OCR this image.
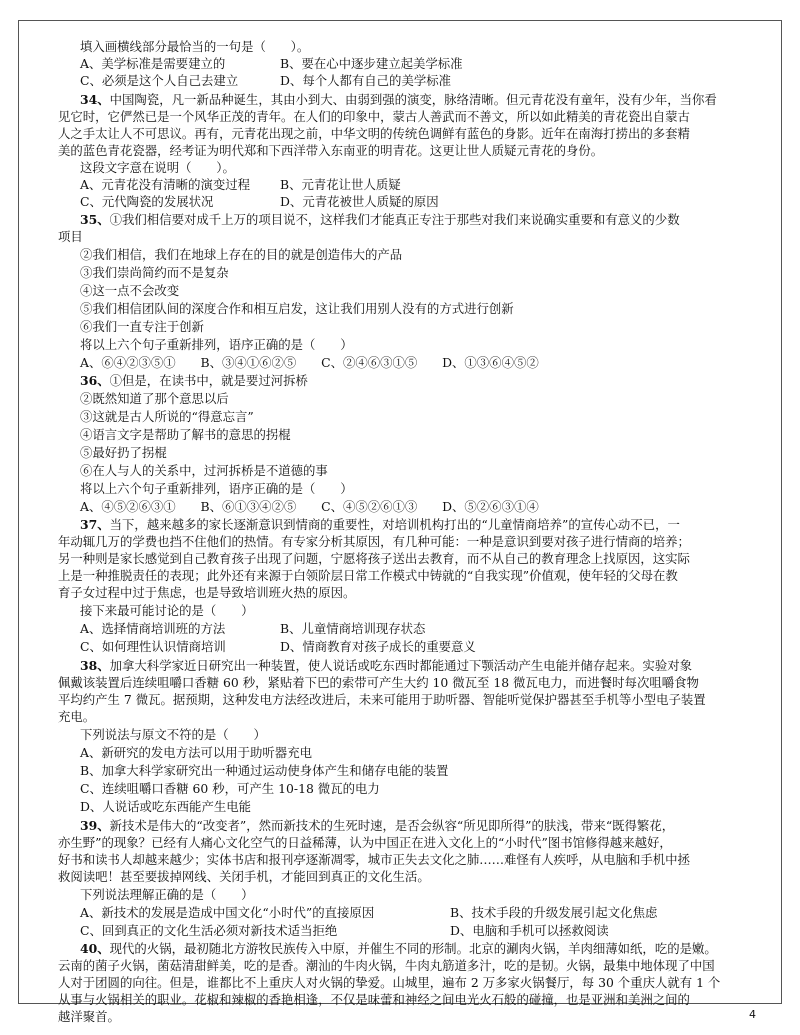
填入画横线部分最恰当的一句是（　　）。
A、美学标准是需要建立的	B、要在心中逐步建立起美学标准
C、必须是这个人自己去建立	D、每个人都有自己的美学标准
34、中国陶瓷，凡一新品种诞生，其由小到大、由弱到强的演变，脉络清晰。但元青花没有童年，没有少年，当你看
见它时，它俨然已是一个风华正茂的青年。在人们的印象中，蒙古人善武而不善文，所以如此精美的青花瓷出自蒙古
人之手太让人不可思议。再有，元青花出现之前，中华文明的传统色调鲜有蓝色的身影。近年在南海打捞出的多套精
美的蓝色青花瓷器，经考证为明代郑和下西洋带入东南亚的明青花。这更让世人质疑元青花的身份。
这段文字意在说明（　　）。
A、元青花没有清晰的演变过程 B、元青花让世人质疑
C、元代陶瓷的发展状况	D、元青花被世人质疑的原因
35、①我们相信要对成千上万的项目说不，这样我们才能真正专注于那些对我们来说确实重要和有意义的少数
项目
②我们相信，我们在地球上存在的目的就是创造伟大的产品
③我们崇尚简约而不是复杂
④这一点不会改变
⑤我们相信团队间的深度合作和相互启发，这让我们用别人没有的方式进行创新
⑥我们一直专注于创新
将以上六个句子重新排列，语序正确的是（　　）
A、⑥④②③⑤①　　B、③④①⑥②⑤　　C、②④⑥③①⑤　　D、①③⑥④⑤②
36、①但是，在读书中，就是要过河拆桥
②既然知道了那个意思以后
③这就是古人所说的“得意忘言”
④语言文字是帮助了解书的意思的拐棍
⑤最好扔了拐棍
⑥在人与人的关系中，过河拆桥是不道德的事
将以上六个句子重新排列，语序正确的是（　　）
A、④⑤②⑥③①　　B、⑥①③④②⑤　　C、④⑤②⑥①③　　D、⑤②⑥③①④
37、当下，越来越多的家长逐渐意识到情商的重要性，对培训机构打出的“儿童情商培养”的宣传心动不已，一
年动辄几万的学费也挡不住他们的热情。有专家分析其原因，有几种可能：一种是意识到要对孩子进行情商的培养；
另一种则是家长感觉到自己教育孩子出现了问题，宁愿将孩子送出去教育，而不从自己的教育理念上找原因，这实际
上是一种推脱责任的表现；此外还有来源于白领阶层日常工作模式中铸就的“自我实现”价值观，使年轻的父母在教
育子女过程中过于焦虑，也是导致培训班火热的原因。
接下来最可能讨论的是（　　）
A、选择情商培训班的方法	B、儿童情商培训现存状态
C、如何理性认识情商培训	D、情商教育对孩子成长的重要意义
38、加拿大科学家近日研究出一种装置，使人说话或吃东西时都能通过下颚活动产生电能并储存起来。实验对象
佩戴该装置后连续咀嚼口香糖 60 秒，紧贴着下巴的索带可产生大约 10 微瓦至 18 微瓦电力，而进餐时每次咀嚼食物
平均约产生 7 微瓦。据预期，这种发电方法经改进后，未来可能用于助听器、智能听觉保护器甚至手机等小型电子装置
充电。
下列说法与原文不符的是（　　）
A、新研究的发电方法可以用于助听器充电
B、加拿大科学家研究出一种通过运动使身体产生和储存电能的装置
C、连续咀嚼口香糖 60 秒，可产生 10-18 微瓦的电力
D、人说话或吃东西能产生电能
39、新技术是伟大的“改变者”，然而新技术的生死时速，是否会纵容“所见即所得”的肤浅，带来“既得繁花，
亦生野”的现象？已经有人痛心文化空气的日益稀薄，认为中国正在进入文化上的“小时代”图书馆修得越来越好，
好书和读书人却越来越少；实体书店和报刊亭逐渐凋零，城市正失去文化之肺……难怪有人疾呼，从电脑和手机中拯
救阅读吧！甚至要拔掉网线、关闭手机，才能回到真正的文化生活。
下列说法理解正确的是（　　）
A、新技术的发展是造成中国文化“小时代”的直接原因	B、技术手段的升级发展引起文化焦虑
C、回到真正的文化生活必须对新技术适当拒绝	D、电脑和手机可以拯救阅读
40、现代的火锅，最初随北方游牧民族传入中原，并催生不同的形制。北京的涮肉火锅，羊肉细薄如纸，吃的是嫩。
云南的菌子火锅，菌菇清甜鲜美，吃的是香。潮汕的牛肉火锅，牛肉丸筋道多汁，吃的是韧。火锅，最集中地体现了中国
人对于团圆的向往。但是，谁都比不上重庆人对火锅的挚爱。山城里，遍布 2 万多家火锅餐厅，每 30 个重庆人就有 1 个
从事与火锅相关的职业。花椒和辣椒的香艳相逢，不仅是味蕾和神经之间电光火石般的碰撞，也是亚洲和美洲之间的
越洋聚首。	4
